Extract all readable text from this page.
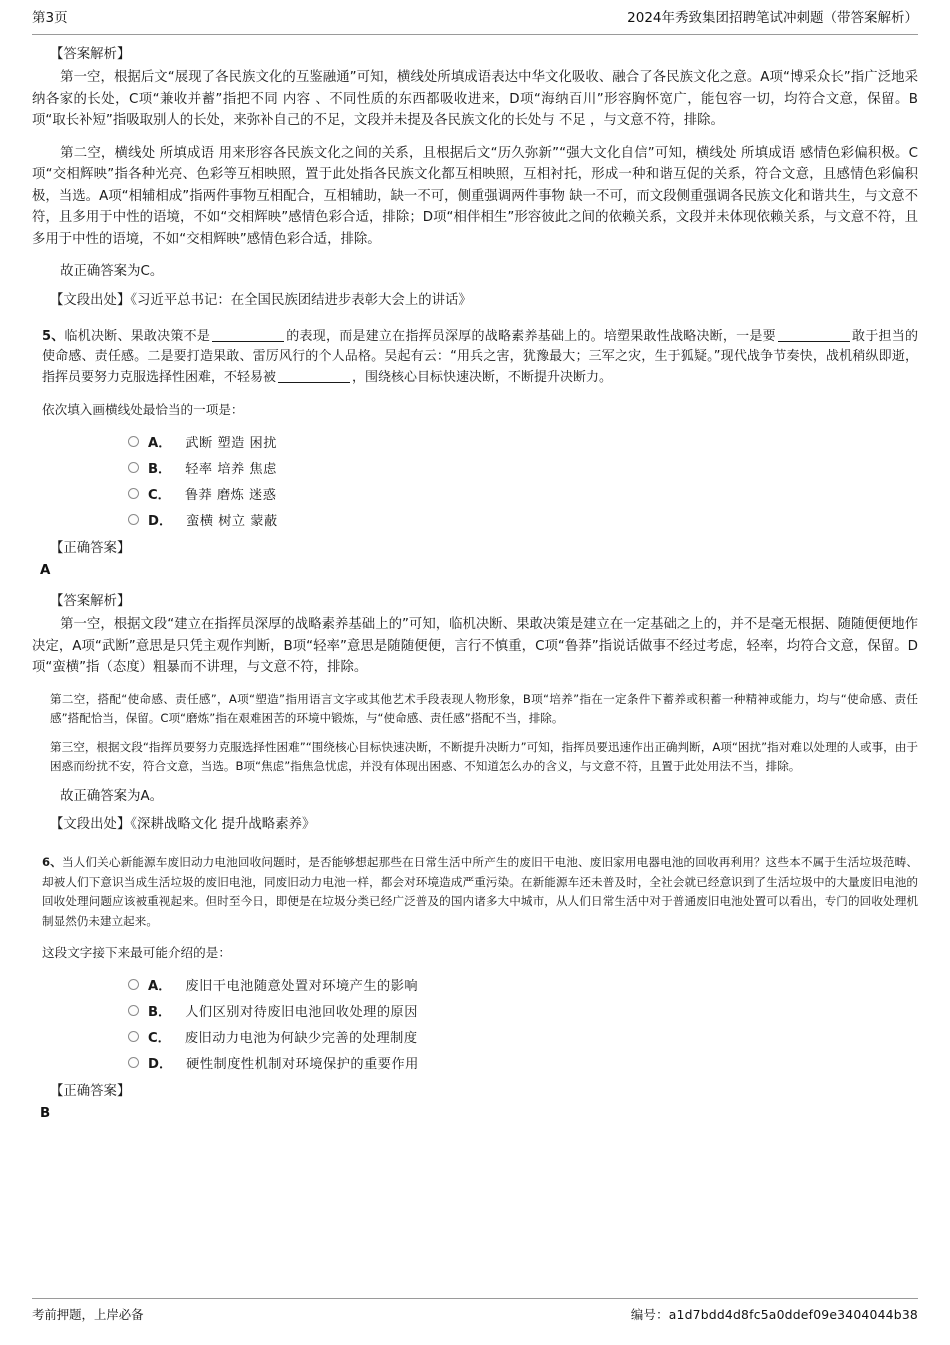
第3页	2024年秀致集团招聘笔试冲刺题（带答案解析）
【答案解析】

第一空，根据后文“展现了各民族文化的互鉴融通”可知，横线处所填成语表达中华文化吸收、融合了各民族文化之意。A项“博采众长”指广泛地采纳各家的长处，C项“兼收并蓄”指把不同 内容 、不同性质的东西都吸收进来，D项“海纳百川”形容胸怀宽广，能包容一切，均符合文意，保留。B项“取长补短”指吸取别人的长处，来弥补自己的不足，文段并未提及各民族文化的长处与 不足 ，与文意不符，排除。

第二空，横线处 所填成语 用来形容各民族文化之间的关系，且根据后文“历久弥新”“强大文化自信”可知，横线处 所填成语 感情色彩偏积极。C项“交相辉映”指各种光亮、色彩等互相映照，置于此处指各民族文化都互相映照，互相衬托，形成一种和谐互促的关系，符合文意，且感情色彩偏积极，当选。A项“相辅相成”指两件事物互相配合，互相辅助，缺一不可，侧重强调两件事物 缺一不可，而文段侧重强调各民族文化和谐共生，与文意不符，且多用于中性的语境，不如“交相辉映”感情色彩合适，排除；D项“相伴相生”形容彼此之间的依赖关系，文段并未体现依赖关系，与文意不符，且多用于中性的语境，不如“交相辉映”感情色彩合适，排除。

故正确答案为C。

【文段出处】《习近平总书记：在全国民族团结进步表彰大会上的讲话》

5、临机决断、果敢决策不是	的表现，而是建立在指挥员深厚的战略素养基础上的。培塑果敢性战略决断，一是要	敢于担当的使命感、责任感。二是要打造果敢、雷厉风行的个人品格。吴起有云：“用兵之害，犹豫最大；三军之灾，生于狐疑。”现代战争节奏快，战机稍纵即逝，指挥员要努力克服选择性困难，不轻易被	，围绕核心目标快速决断，不断提升决断力。

依次填入画横线处最恰当的一项是：
A． 武断 塑造 困扰
B． 轻率 培养 焦虑
C． 鲁莽 磨炼 迷惑
D． 蛮横 树立 蒙蔽
【正确答案】
A
【答案解析】

第一空，根据文段“建立在指挥员深厚的战略素养基础上的”可知，临机决断、果敢决策是建立在一定基础之上的，并不是毫无根据、随随便便地作决定，A项“武断”意思是只凭主观作判断，B项“轻率”意思是随随便便，言行不慎重，C项“鲁莽”指说话做事不经过考虑，轻率，均符合文意，保留。D项“蛮横”指（态度）粗暴而不讲理，与文意不符，排除。

第二空，搭配“使命感、责任感”，A项“塑造”指用语言文字或其他艺术手段表现人物形象，B项“培养”指在一定条件下蓄养或积蓄一种精神或能力，均与“使命感、责任感”搭配恰当，保留。C项“磨炼”指在艰难困苦的环境中锻炼，与“使命感、责任感”搭配不当，排除。

第三空，根据文段“指挥员要努力克服选择性困难”“围绕核心目标快速决断，不断提升决断力”可知，指挥员要迅速作出正确判断，A项“困扰”指对难以处理的人或事，由于困惑而纷扰不安，符合文意，当选。B项“焦虑”指焦急忧虑，并没有体现出困惑、不知道怎么办的含义，与文意不符，且置于此处用法不当，排除。

故正确答案为A。

【文段出处】《深耕战略文化 提升战略素养》

6、当人们关心新能源车废旧动力电池回收问题时，是否能够想起那些在日常生活中所产生的废旧干电池、废旧家用电器电池的回收再利用？这些本不属于生活垃圾范畴、却被人们下意识当成生活垃圾的废旧电池，同废旧动力电池一样，都会对环境造成严重污染。在新能源车还未普及时，全社会就已经意识到了生活垃圾中的大量废旧电池的回收处理问题应该被重视起来。但时至今日，即便是在垃圾分类已经广泛普及的国内诸多大中城市，从人们日常生活中对于普通废旧电池处置可以看出，专门的回收处理机制显然仍未建立起来。

这段文字接下来最可能介绍的是：
A． 废旧干电池随意处置对环境产生的影响
B． 人们区别对待废旧电池回收处理的原因
C． 废旧动力电池为何缺少完善的处理制度
D． 硬性制度性机制对环境保护的重要作用
【正确答案】
B
考前押题，上岸必备	编号：a1d7bdd4d8fc5a0ddef09e3404044b38
